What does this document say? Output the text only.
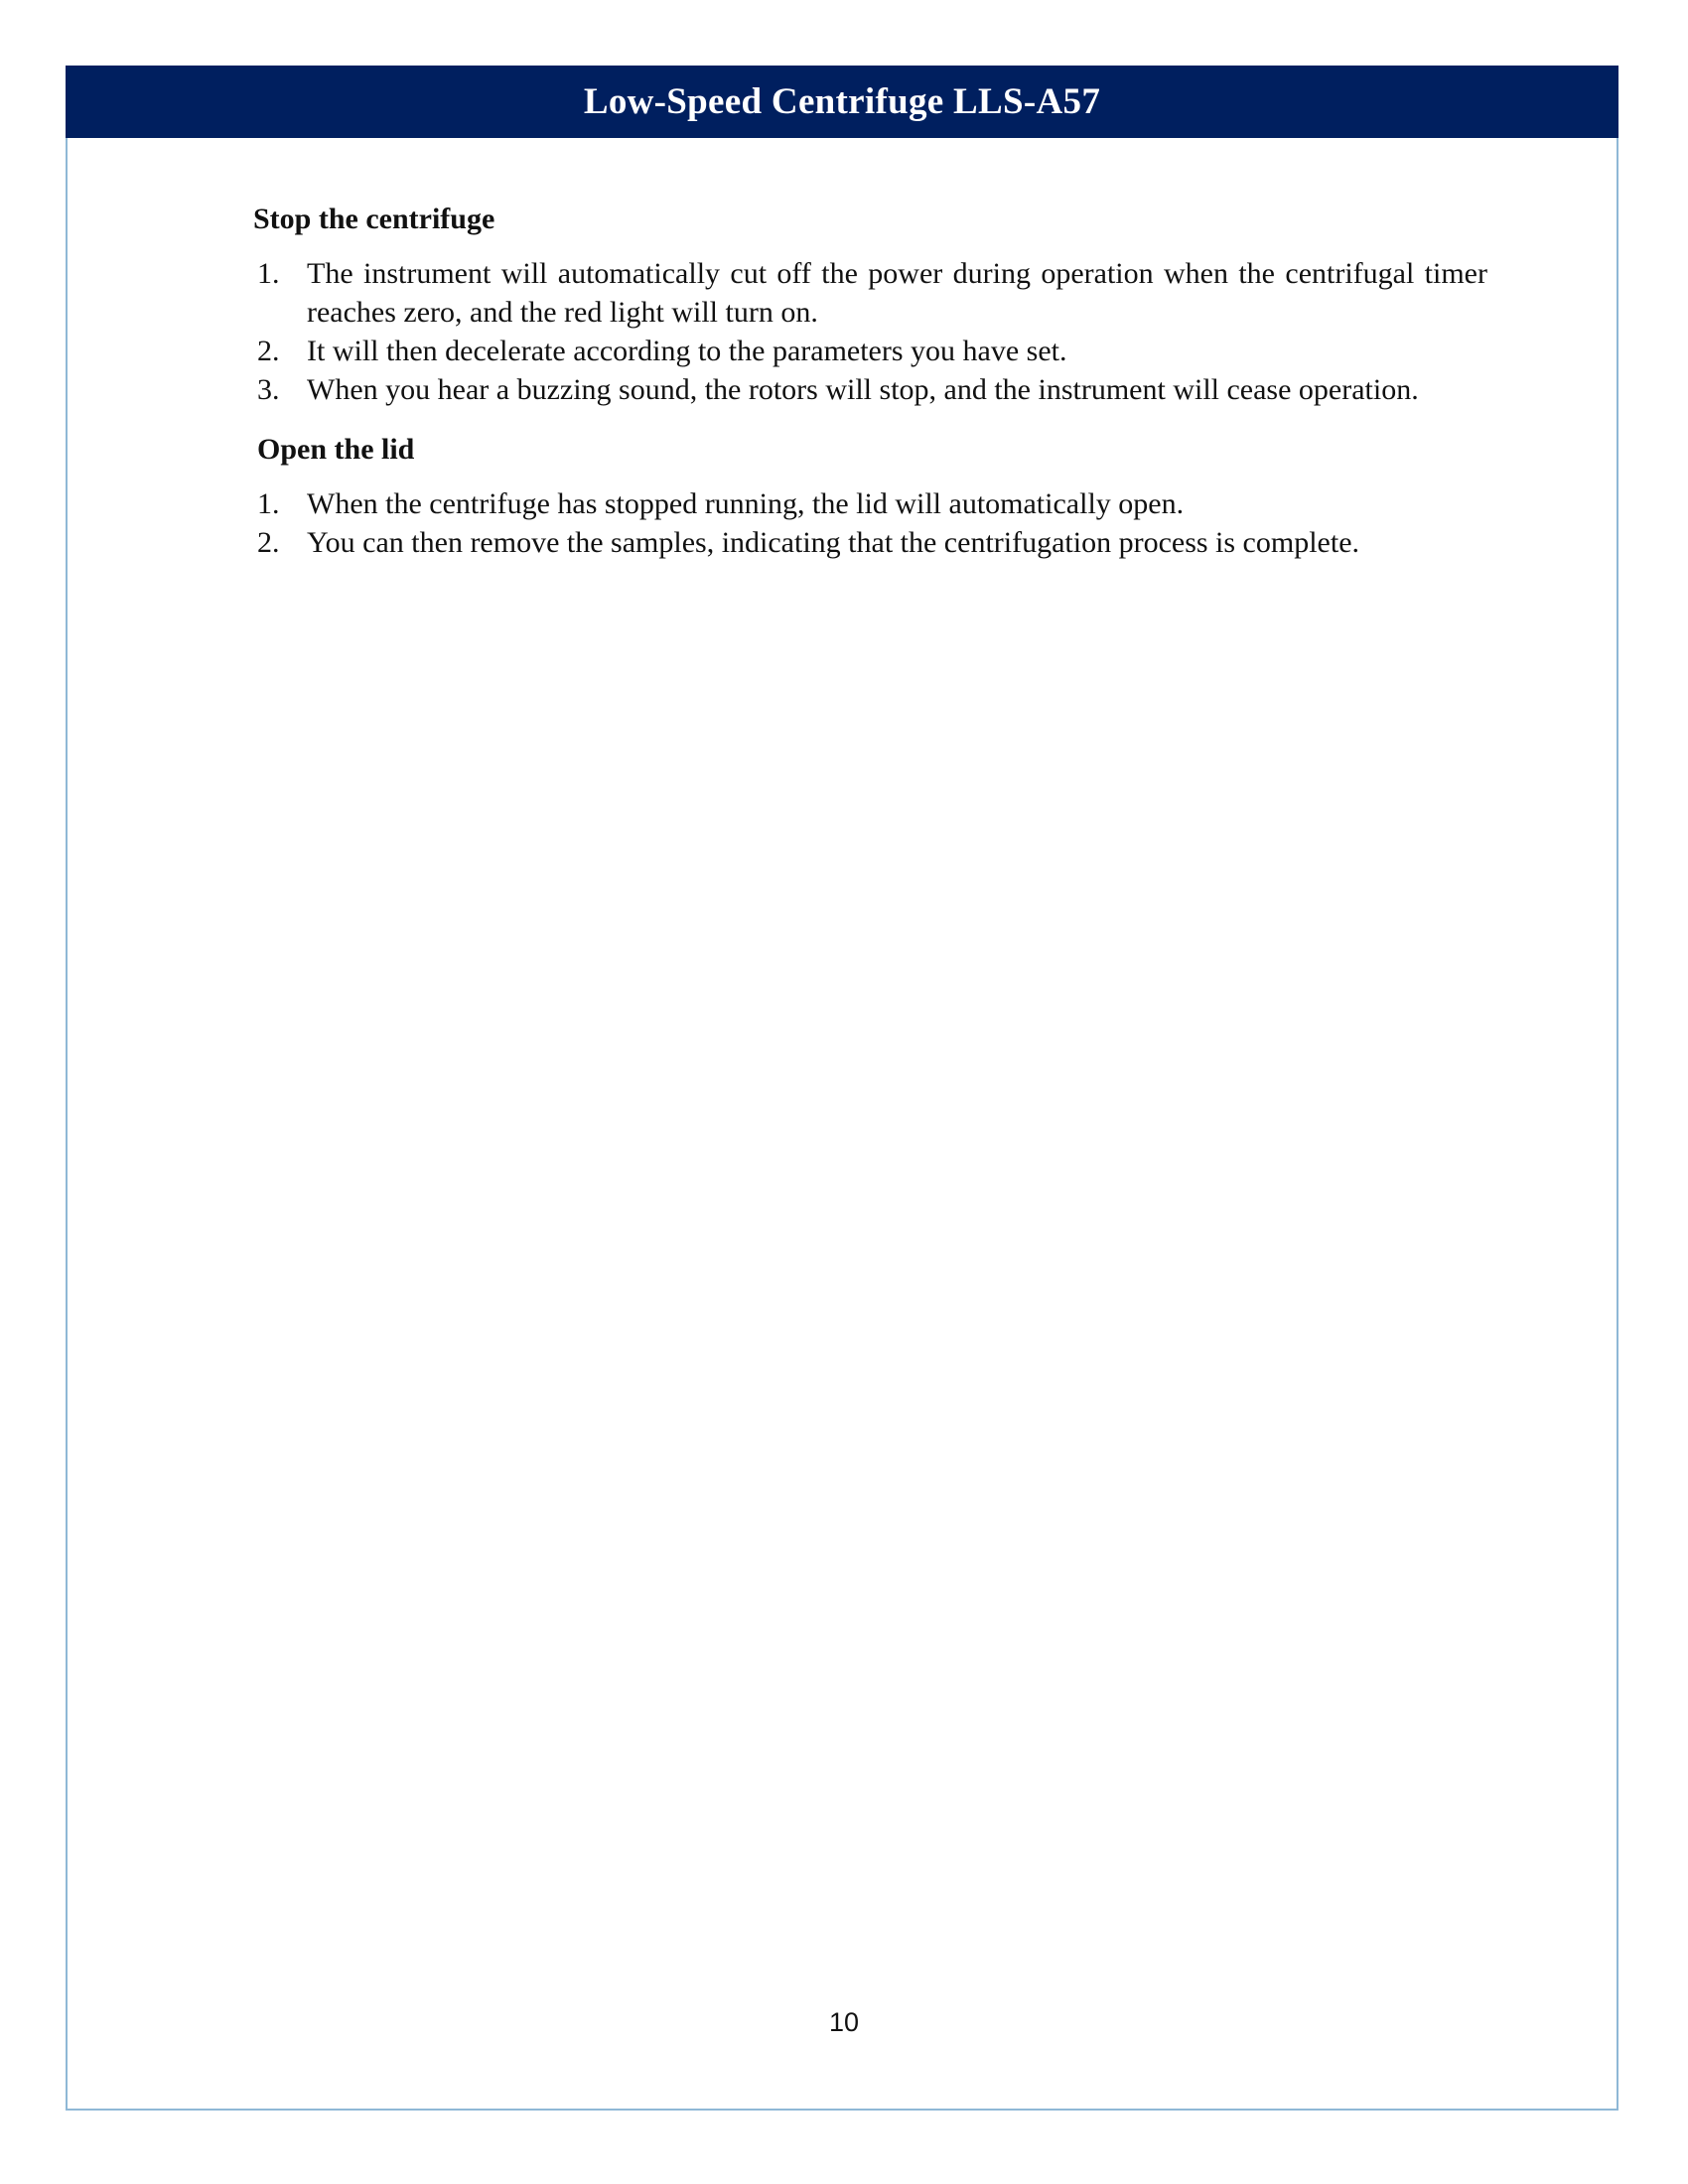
Low-Speed Centrifuge LLS-A57
Stop the centrifuge
1. The instrument will automatically cut off the power during operation when the centrifugal timer reaches zero, and the red light will turn on.
2. It will then decelerate according to the parameters you have set.
3. When you hear a buzzing sound, the rotors will stop, and the instrument will cease operation.
Open the lid
1. When the centrifuge has stopped running, the lid will automatically open.
2. You can then remove the samples, indicating that the centrifugation process is complete.
10
